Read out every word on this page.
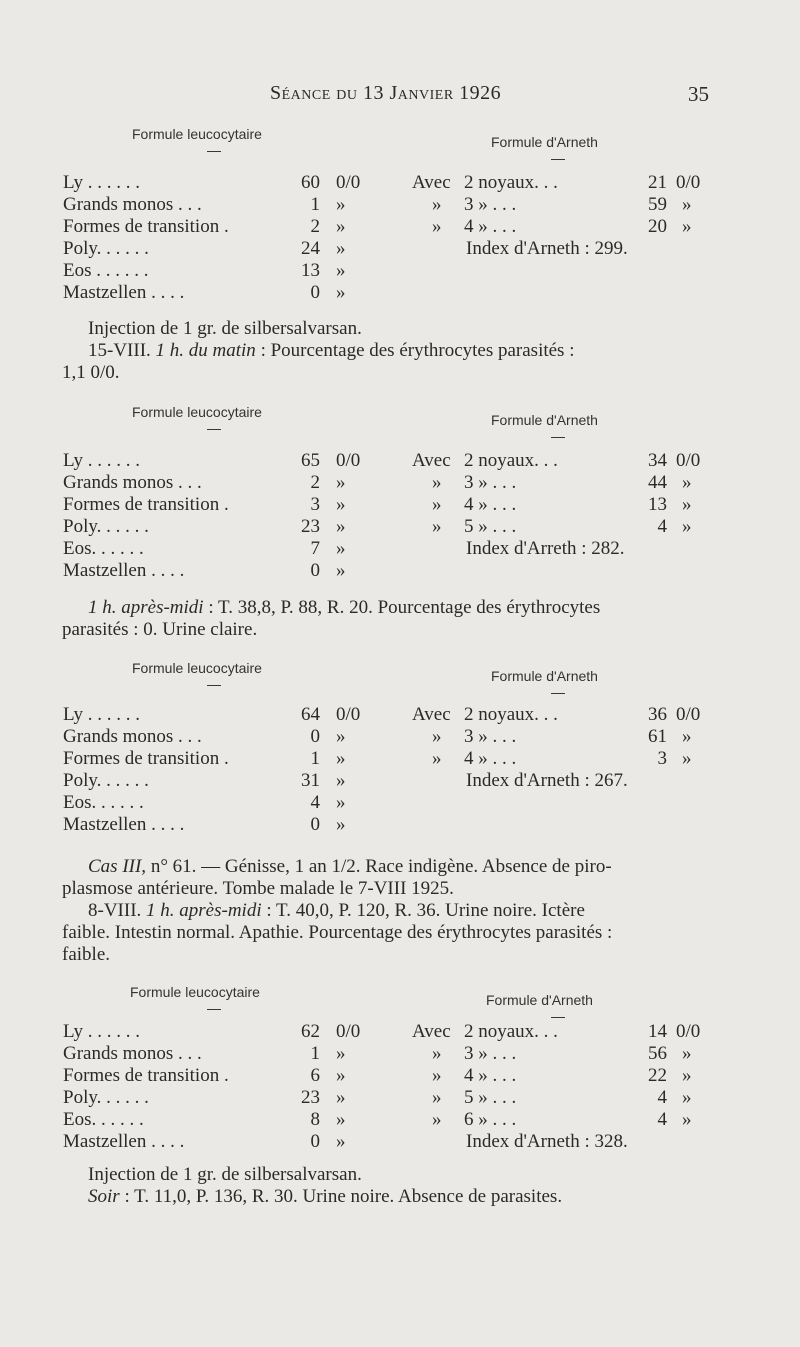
Séance du 13 Janvier 1926	35
Formule leucocytaire
—	Formule d'Arneth
—
Ly . . . . . .	60 0/0
Grands monos . . .	1 »
Formes de transition .	2 »
Poly. . . . . .	24 »
Eos . . . . . .	13 »
Mastzellen . . . .	0 »
Avec 2 noyaux. . .	21 0/0
» 3 » . . .	59 »
» 4 » . . .	20 »
Index d'Arneth : 299.
Formule leucocytaire
—	Formule d'Arneth
—
Ly . . . . . .	65 0/0
Grands monos . . .	2 »
Formes de transition .	3 »
Poly. . . . . .	23 »
Eos. . . . . .	7 »
Mastzellen . . . .	0 »
Avec 2 noyaux. . .	34 0/0
» 3 » . . .	44 »
» 4 » . . .	13 »
» 5 » . . .	4 »
Index d'Arreth : 282.
Formule leucocytaire
—	Formule d'Arneth
—
Ly . . . . . .	64 0/0
Grands monos . . .	0 »
Formes de transition .	1 »
Poly. . . . . .	31 »
Eos. . . . . .	4 »
Mastzellen . . . .	0 »
Avec 2 noyaux. . .	36 0/0
» 3 » . . .	61 »
» 4 » . . .	3 »
Index d'Arneth : 267.
Formule leucocytaire
—	Formule d'Arneth
—
Ly . . . . . .	62 0/0
Grands monos . . .	1 »
Formes de transition .	6 »
Poly. . . . . .	23 »
Eos. . . . . .	8 »
Mastzellen . . . .	0 »
Avec 2 noyaux. . .	14 0/0
» 3 » . . .	56 »
» 4 » . . .	22 »
» 5 » . . .	4 »
» 6 » . . .	4 »
Index d'Arneth : 328.
Injection de 1 gr. de silbersalvarsan.
15-VIII. 1 h. du matin : Pourcentage des érythrocytes parasités :
1,1 0/0.
1 h. après-midi : T. 38,8, P. 88, R. 20. Pourcentage des érythrocytes
parasités : 0. Urine claire.
Cas III, n° 61. — Génisse, 1 an 1/2. Race indigène. Absence de piro-
plasmose antérieure. Tombe malade le 7-VIII 1925.
8-VIII. 1 h. après-midi : T. 40,0, P. 120, R. 36. Urine noire. Ictère
faible. Intestin normal. Apathie. Pourcentage des érythrocytes parasités :
faible.
Injection de 1 gr. de silbersalvarsan.
Soir : T. 11,0, P. 136, R. 30. Urine noire. Absence de parasites.
